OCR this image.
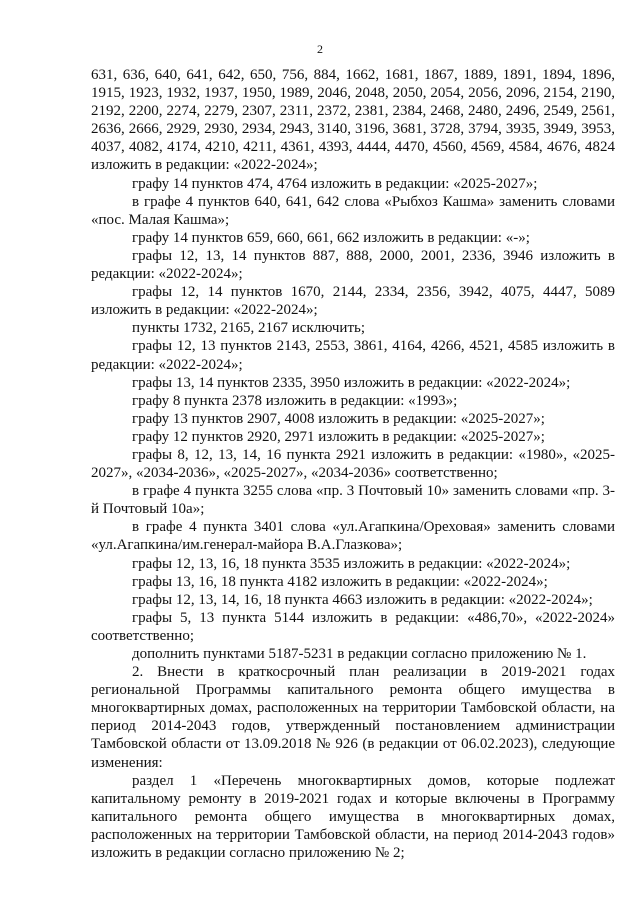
2

631, 636, 640, 641, 642, 650, 756, 884, 1662, 1681, 1867, 1889, 1891, 1894, 1896, 1915, 1923, 1932, 1937, 1950, 1989, 2046, 2048, 2050, 2054, 2056, 2096, 2154, 2190, 2192, 2200, 2274, 2279, 2307, 2311, 2372, 2381, 2384, 2468, 2480, 2496, 2549, 2561, 2636, 2666, 2929, 2930, 2934, 2943, 3140, 3196, 3681, 3728, 3794, 3935, 3949, 3953, 4037, 4082, 4174, 4210, 4211, 4361, 4393, 4444, 4470, 4560, 4569, 4584, 4676, 4824 изложить в редакции: «2022-2024»;

графу 14 пунктов 474, 4764 изложить в редакции: «2025-2027»;

в графе 4 пунктов 640, 641, 642 слова «Рыбхоз Кашма» заменить словами «пос. Малая Кашма»;

графу 14 пунктов 659, 660, 661, 662 изложить в редакции: «-»;

графы 12, 13, 14 пунктов 887, 888, 2000, 2001, 2336, 3946 изложить в редакции: «2022-2024»;

графы 12, 14 пунктов 1670, 2144, 2334, 2356, 3942, 4075, 4447, 5089 изложить в редакции: «2022-2024»;

пункты 1732, 2165, 2167 исключить;

графы 12, 13 пунктов 2143, 2553, 3861, 4164, 4266, 4521, 4585 изложить в редакции: «2022-2024»;

графы 13, 14 пунктов 2335, 3950 изложить в редакции: «2022-2024»;

графу 8 пункта 2378 изложить в редакции: «1993»;

графу 13 пунктов 2907, 4008 изложить в редакции: «2025-2027»;

графу 12 пунктов 2920, 2971 изложить в редакции: «2025-2027»;

графы 8, 12, 13, 14, 16 пункта 2921 изложить в редакции: «1980», «2025-2027», «2034-2036», «2025-2027», «2034-2036» соответственно;

в графе 4 пункта 3255 слова «пр. 3 Почтовый 10» заменить словами «пр. 3-й Почтовый 10а»;

в графе 4 пункта 3401 слова «ул.Агапкина/Ореховая» заменить словами «ул.Агапкина/им.генерал-майора В.А.Глазкова»;

графы 12, 13, 16, 18 пункта 3535 изложить в редакции: «2022-2024»;

графы 13, 16, 18 пункта 4182 изложить в редакции: «2022-2024»;

графы 12, 13, 14, 16, 18 пункта 4663 изложить в редакции: «2022-2024»;

графы 5, 13 пункта 5144 изложить в редакции: «486,70», «2022-2024» соответственно;

дополнить пунктами 5187-5231 в редакции согласно приложению № 1.

2. Внести в краткосрочный план реализации в 2019-2021 годах региональной Программы капитального ремонта общего имущества в многоквартирных домах, расположенных на территории Тамбовской области, на период 2014-2043 годов, утвержденный постановлением администрации Тамбовской области от 13.09.2018 № 926 (в редакции от 06.02.2023), следующие изменения:

раздел 1 «Перечень многоквартирных домов, которые подлежат капитальному ремонту в 2019-2021 годах и которые включены в Программу капитального ремонта общего имущества в многоквартирных домах, расположенных на территории Тамбовской области, на период 2014-2043 годов» изложить в редакции согласно приложению № 2;
